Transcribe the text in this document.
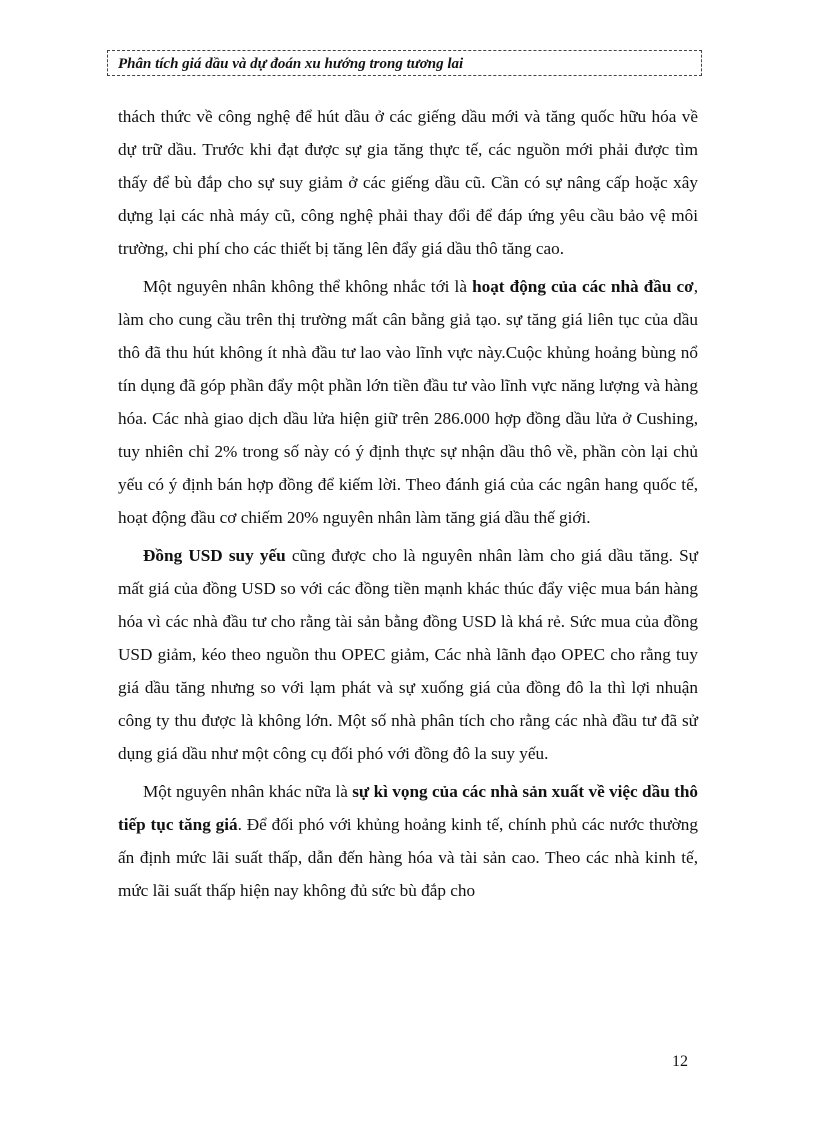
Phân tích giá dầu và dự đoán xu hướng trong tương lai

thách thức về công nghệ để hút dầu ở các giếng dầu mới và tăng quốc hữu hóa về dự trữ dầu. Trước khi đạt được sự gia tăng thực tế, các nguồn mới phải được tìm thấy để bù đắp cho sự suy giảm ở các giếng dầu cũ. Cần có sự nâng cấp hoặc xây dựng lại các nhà máy cũ, công nghệ phải thay đổi để đáp ứng yêu cầu bảo vệ môi trường, chi phí cho các thiết bị tăng lên đẩy giá dầu thô tăng cao.

Một nguyên nhân không thể không nhắc tới là hoạt động của các nhà đầu cơ, làm cho cung cầu trên thị trường mất cân bằng giả tạo. sự tăng giá liên tục của dầu thô đã thu hút không ít nhà đầu tư lao vào lĩnh vực này.Cuộc khủng hoảng bùng nổ tín dụng đã góp phần đẩy một phần lớn tiền đầu tư vào lĩnh vực năng lượng và hàng hóa. Các nhà giao dịch dầu lửa hiện giữ trên 286.000 hợp đồng dầu lửa ở Cushing, tuy nhiên chỉ 2% trong số này có ý định thực sự nhận dầu thô về, phần còn lại chủ yếu có ý định bán hợp đồng để kiếm lời. Theo đánh giá của các ngân hang quốc tế, hoạt động đầu cơ chiếm 20% nguyên nhân làm tăng giá dầu thế giới.

Đồng USD suy yếu cũng được cho là nguyên nhân làm cho giá dầu tăng. Sự mất giá của đồng USD so với các đồng tiền mạnh khác thúc đẩy việc mua bán hàng hóa vì các nhà đầu tư cho rằng tài sản bằng đồng USD là khá rẻ. Sức mua của đồng USD giảm, kéo theo nguồn thu OPEC giảm, Các nhà lãnh đạo OPEC cho rằng tuy giá dầu tăng nhưng so với lạm phát và sự xuống giá của đồng đô la thì lợi nhuận công ty thu được là không lớn. Một số nhà phân tích cho rằng các nhà đầu tư đã sử dụng giá dầu như một công cụ đối phó với đồng đô la suy yếu.

Một nguyên nhân khác nữa là sự kì vọng của các nhà sản xuất về việc dầu thô tiếp tục tăng giá. Để đối phó với khủng hoảng kinh tế, chính phủ các nước thường ấn định mức lãi suất thấp, dẫn đến hàng hóa và tài sản cao. Theo các nhà kinh tế, mức lãi suất thấp hiện nay không đủ sức bù đắp cho

12
